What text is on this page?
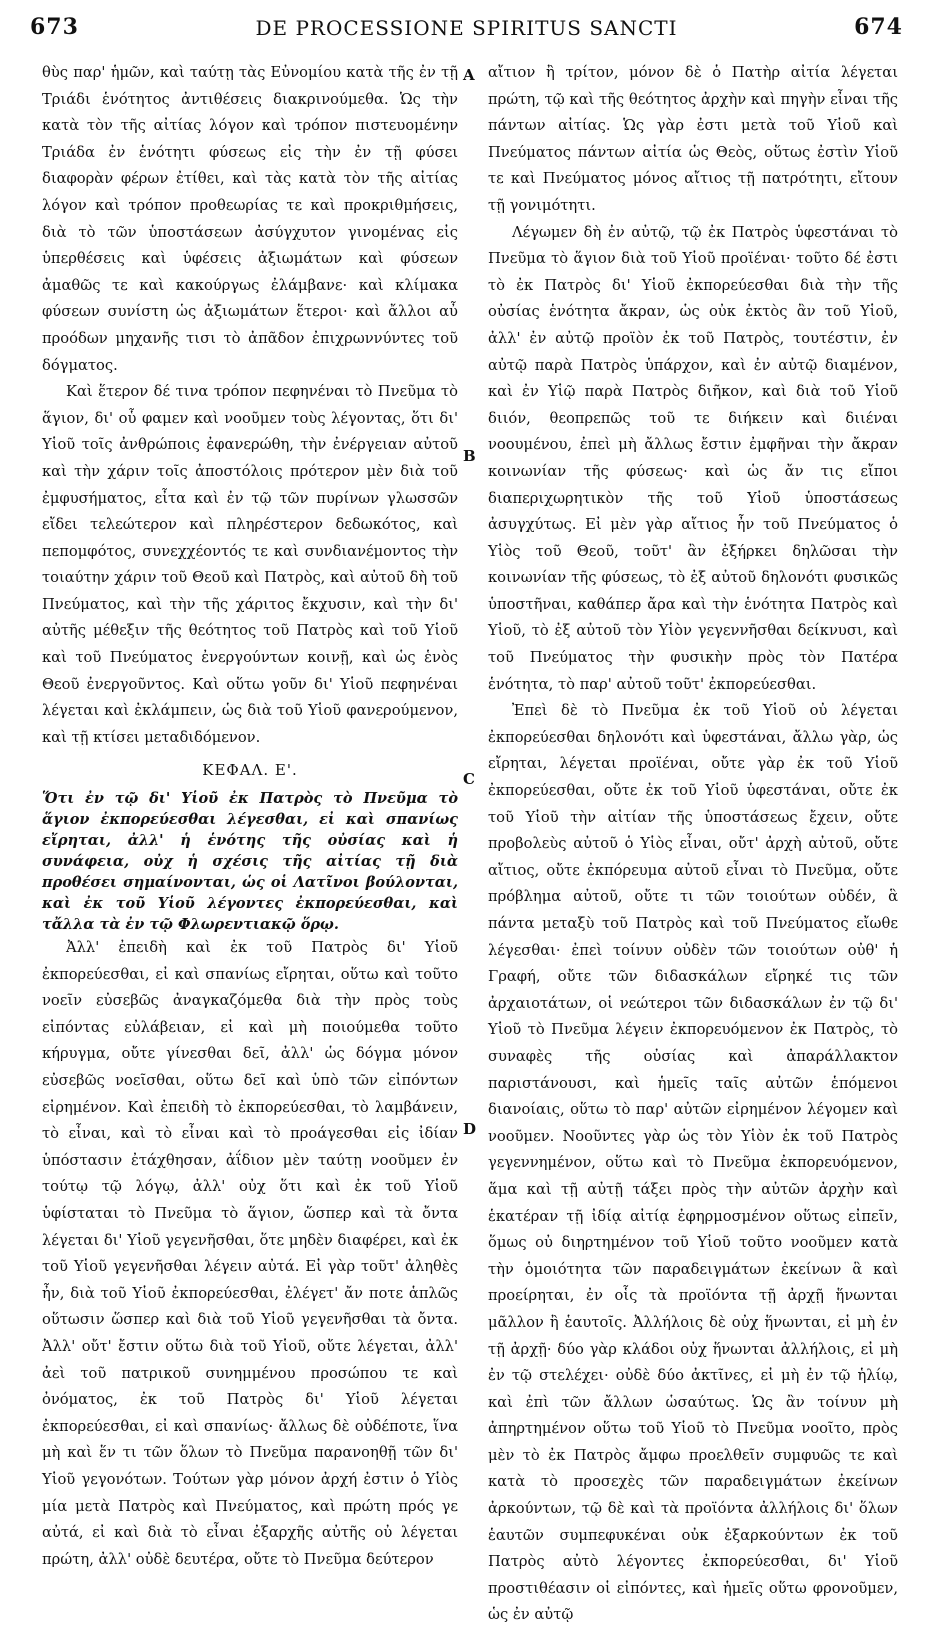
673	DE PROCESSIONE SPIRITUS SANCTI	674
A
B
C
D

θὺς παρ' ἡμῶν, καὶ ταύτῃ τὰς Εὐνομίου κατὰ τῆς ἐν τῇ Τριάδι ἑνότητος ἀντιθέσεις διακρινούμεθα. Ὡς τὴν κατὰ τὸν τῆς αἰτίας λόγον καὶ τρόπον πιστευομένην Τριάδα ἐν ἑνότητι φύσεως εἰς τὴν ἐν τῇ φύσει διαφορὰν φέρων ἐτίθει, καὶ τὰς κατὰ τὸν τῆς αἰτίας λόγον καὶ τρόπον προθεωρίας τε καὶ προκριθμήσεις, διὰ τὸ τῶν ὑποστάσεων ἀσύγχυτον γινομένας εἰς ὑπερθέσεις καὶ ὑφέσεις ἀξιωμάτων καὶ φύσεων ἀμαθῶς τε καὶ κακούργως ἐλάμβανε· καὶ κλίμακα φύσεων συνίστη ὡς ἀξιωμάτων ἕτεροι· καὶ ἄλλοι αὖ προόδων μηχανῆς τισι τὸ ἀπᾶδον ἐπιχρωννύντες τοῦ δόγματος.

Καὶ ἕτερον δέ τινα τρόπον πεφηνέναι τὸ Πνεῦμα τὸ ἅγιον, δι' οὗ φαμεν καὶ νοοῦμεν τοὺς λέγοντας, ὅτι δι' Υἱοῦ τοῖς ἀνθρώποις ἐφανερώθη, τὴν ἐνέργειαν αὐτοῦ καὶ τὴν χάριν τοῖς ἀποστόλοις πρότερον μὲν διὰ τοῦ ἐμφυσήματος, εἶτα καὶ ἐν τῷ τῶν πυρίνων γλωσσῶν εἴδει τελεώτερον καὶ πληρέστερον δεδωκότος, καὶ πεπομφότος, συνεχχέοντός τε καὶ συνδιανέμοντος τὴν τοιαύτην χάριν τοῦ Θεοῦ καὶ Πατρὸς, καὶ αὐτοῦ δὴ τοῦ Πνεύματος, καὶ τὴν τῆς χάριτος ἔκχυσιν, καὶ τὴν δι' αὐτῆς μέθεξιν τῆς θεότητος τοῦ Πατρὸς καὶ τοῦ Υἱοῦ καὶ τοῦ Πνεύματος ἐνεργούντων κοινῇ, καὶ ὡς ἑνὸς Θεοῦ ἐνεργοῦντος. Καὶ οὕτω γοῦν δι' Υἱοῦ πεφηνέναι λέγεται καὶ ἐκλάμπειν, ὡς διὰ τοῦ Υἱοῦ φανερούμενον, καὶ τῇ κτίσει μεταδιδόμενον.

ΚΕΦΑΛ. Ε'.

Ὅτι ἐν τῷ δι' Υἱοῦ ἐκ Πατρὸς τὸ Πνεῦμα τὸ ἅγιον ἐκπορεύεσθαι λέγεσθαι, εἰ καὶ σπανίως εἴρηται, ἀλλ' ἡ ἑνότης τῆς οὐσίας καὶ ἡ συνάφεια, οὐχ ἡ σχέσις τῆς αἰτίας τῇ διὰ προθέσει σημαίνονται, ὡς οἱ Λατῖνοι βούλονται, καὶ ἐκ τοῦ Υἱοῦ λέγοντες ἐκπορεύεσθαι, καὶ τἄλλα τὰ ἐν τῷ Φλωρεντιακῷ ὅρῳ.

Ἀλλ' ἐπειδὴ καὶ ἐκ τοῦ Πατρὸς δι' Υἱοῦ ἐκπορεύεσθαι, εἰ καὶ σπανίως εἴρηται, οὕτω καὶ τοῦτο νοεῖν εὐσεβῶς ἀναγκαζόμεθα διὰ τὴν πρὸς τοὺς εἰπόντας εὐλάβειαν, εἰ καὶ μὴ ποιούμεθα τοῦτο κήρυγμα, οὔτε γίνεσθαι δεῖ, ἀλλ' ὡς δόγμα μόνον εὐσεβῶς νοεῖσθαι, οὕτω δεῖ καὶ ὑπὸ τῶν εἰπόντων εἰρημένον. Καὶ ἐπειδὴ τὸ ἐκπορεύεσθαι, τὸ λαμβάνειν, τὸ εἶναι, καὶ τὸ εἶναι καὶ τὸ προάγεσθαι εἰς ἰδίαν ὑπόστασιν ἐτάχθησαν, ἀΐδιον μὲν ταύτῃ νοοῦμεν ἐν τούτῳ τῷ λόγῳ, ἀλλ' οὐχ ὅτι καὶ ἐκ τοῦ Υἱοῦ ὑφίσταται τὸ Πνεῦμα τὸ ἅγιον, ὥσπερ καὶ τὰ ὄντα λέγεται δι' Υἱοῦ γεγενῆσθαι, ὅτε μηδὲν διαφέρει, καὶ ἐκ τοῦ Υἱοῦ γεγενῆσθαι λέγειν αὐτά. Εἰ γὰρ τοῦτ' ἀληθὲς ἦν, διὰ τοῦ Υἱοῦ ἐκπορεύεσθαι, ἐλέγετ' ἄν ποτε ἁπλῶς οὕτωσιν ὥσπερ καὶ διὰ τοῦ Υἱοῦ γεγενῆσθαι τὰ ὄντα. Ἀλλ' οὔτ' ἔστιν οὕτω διὰ τοῦ Υἱοῦ, οὔτε λέγεται, ἀλλ' ἀεὶ τοῦ πατρικοῦ συνημμένου προσώπου τε καὶ ὀνόματος, ἐκ τοῦ Πατρὸς δι' Υἱοῦ λέγεται ἐκπορεύεσθαι, εἰ καὶ σπανίως· ἄλλως δὲ οὐδέποτε, ἵνα μὴ καὶ ἕν τι τῶν ὅλων τὸ Πνεῦμα παρανοηθῇ τῶν δι' Υἱοῦ γεγονότων. Τούτων γὰρ μόνον ἀρχή ἐστιν ὁ Υἱὸς μία μετὰ Πατρὸς καὶ Πνεύματος, καὶ πρώτη πρός γε αὐτά, εἰ καὶ διὰ τὸ εἶναι ἐξαρχῆς αὐτῆς οὐ λέγεται πρώτη, ἀλλ' οὐδὲ δευτέρα, οὔτε τὸ Πνεῦμα δεύτερον

αἴτιον ἢ τρίτον, μόνον δὲ ὁ Πατὴρ αἰτία λέγεται πρώτη, τῷ καὶ τῆς θεότητος ἀρχὴν καὶ πηγὴν εἶναι τῆς πάντων αἰτίας. Ὡς γὰρ ἐστι μετὰ τοῦ Υἱοῦ καὶ Πνεύματος πάντων αἰτία ὡς Θεὸς, οὕτως ἐστὶν Υἱοῦ τε καὶ Πνεύματος μόνος αἴτιος τῇ πατρότητι, εἴτουν τῇ γονιμότητι.

Λέγωμεν δὴ ἐν αὐτῷ, τῷ ἐκ Πατρὸς ὑφεστάναι τὸ Πνεῦμα τὸ ἅγιον διὰ τοῦ Υἱοῦ προϊέναι· τοῦτο δέ ἐστι τὸ ἐκ Πατρὸς δι' Υἱοῦ ἐκπορεύεσθαι διὰ τὴν τῆς οὐσίας ἑνότητα ἄκραν, ὡς οὐκ ἐκτὸς ἂν τοῦ Υἱοῦ, ἀλλ' ἐν αὐτῷ προϊὸν ἐκ τοῦ Πατρὸς, τουτέστιν, ἐν αὐτῷ παρὰ Πατρὸς ὑπάρχον, καὶ ἐν αὐτῷ διαμένον, καὶ ἐν Υἱῷ παρὰ Πατρὸς διῆκον, καὶ διὰ τοῦ Υἱοῦ διιόν, θεοπρεπῶς τοῦ τε διήκειν καὶ διιέναι νοουμένου, ἐπεὶ μὴ ἄλλως ἔστιν ἐμφῆναι τὴν ἄκραν κοινωνίαν τῆς φύσεως· καὶ ὡς ἄν τις εἴποι διαπεριχωρητικὸν τῆς τοῦ Υἱοῦ ὑποστάσεως ἀσυγχύτως. Εἰ μὲν γὰρ αἴτιος ἦν τοῦ Πνεύματος ὁ Υἱὸς τοῦ Θεοῦ, τοῦτ' ἂν ἐξήρκει δηλῶσαι τὴν κοινωνίαν τῆς φύσεως, τὸ ἐξ αὐτοῦ δηλονότι φυσικῶς ὑποστῆναι, καθάπερ ἄρα καὶ τὴν ἑνότητα Πατρὸς καὶ Υἱοῦ, τὸ ἐξ αὐτοῦ τὸν Υἱὸν γεγεννῆσθαι δείκνυσι, καὶ τοῦ Πνεύματος τὴν φυσικὴν πρὸς τὸν Πατέρα ἑνότητα, τὸ παρ' αὐτοῦ τοῦτ' ἐκπορεύεσθαι.

Ἐπεὶ δὲ τὸ Πνεῦμα ἐκ τοῦ Υἱοῦ οὐ λέγεται ἐκπορεύεσθαι δηλονότι καὶ ὑφεστάναι, ἄλλω γὰρ, ὡς εἴρηται, λέγεται προϊέναι, οὔτε γὰρ ἐκ τοῦ Υἱοῦ ἐκπορεύεσθαι, οὔτε ἐκ τοῦ Υἱοῦ ὑφεστάναι, οὔτε ἐκ τοῦ Υἱοῦ τὴν αἰτίαν τῆς ὑποστάσεως ἔχειν, οὔτε προβολεὺς αὐτοῦ ὁ Υἱὸς εἶναι, οὔτ' ἀρχὴ αὐτοῦ, οὔτε αἴτιος, οὔτε ἐκπόρευμα αὐτοῦ εἶναι τὸ Πνεῦμα, οὔτε πρόβλημα αὐτοῦ, οὔτε τι τῶν τοιούτων οὐδέν, ἃ πάντα μεταξὺ τοῦ Πατρὸς καὶ τοῦ Πνεύματος εἴωθε λέγεσθαι· ἐπεὶ τοίνυν οὐδὲν τῶν τοιούτων οὐθ' ἡ Γραφή, οὔτε τῶν διδασκάλων εἴρηκέ τις τῶν ἀρχαιοτάτων, οἱ νεώτεροι τῶν διδασκάλων ἐν τῷ δι' Υἱοῦ τὸ Πνεῦμα λέγειν ἐκπορευόμενον ἐκ Πατρὸς, τὸ συναφὲς τῆς οὐσίας καὶ ἀπαράλλακτον παριστάνουσι, καὶ ἡμεῖς ταῖς αὐτῶν ἑπόμενοι διανοίαις, οὕτω τὸ παρ' αὐτῶν εἰρημένον λέγομεν καὶ νοοῦμεν. Νοοῦντες γὰρ ὡς τὸν Υἱὸν ἐκ τοῦ Πατρὸς γεγεννημένον, οὕτω καὶ τὸ Πνεῦμα ἐκπορευόμενον, ἅμα καὶ τῇ αὐτῇ τάξει πρὸς τὴν αὐτῶν ἀρχὴν καὶ ἑκατέραν τῇ ἰδίᾳ αἰτίᾳ ἐφηρμοσμένον οὕτως εἰπεῖν, ὅμως οὐ διηρτημένον τοῦ Υἱοῦ τοῦτο νοοῦμεν κατὰ τὴν ὁμοιότητα τῶν παραδειγμάτων ἐκείνων ἃ καὶ προείρηται, ἐν οἷς τὰ προϊόντα τῇ ἀρχῇ ἥνωνται μᾶλλον ἢ ἑαυτοῖς. Ἀλλήλοις δὲ οὐχ ἥνωνται, εἰ μὴ ἐν τῇ ἀρχῇ· δύο γὰρ κλάδοι οὐχ ἥνωνται ἀλλήλοις, εἰ μὴ ἐν τῷ στελέχει· οὐδὲ δύο ἀκτῖνες, εἰ μὴ ἐν τῷ ἡλίῳ, καὶ ἐπὶ τῶν ἄλλων ὡσαύτως. Ὡς ἂν τοίνυν μὴ ἀπηρτημένον οὕτω τοῦ Υἱοῦ τὸ Πνεῦμα νοοῖτο, πρὸς μὲν τὸ ἐκ Πατρὸς ἄμφω προελθεῖν συμφυῶς τε καὶ κατὰ τὸ προσεχὲς τῶν παραδειγμάτων ἐκείνων ἀρκούντων, τῷ δὲ καὶ τὰ προϊόντα ἀλλήλοις δι' ὅλων ἑαυτῶν συμπεφυκέναι οὐκ ἐξαρκούντων ἐκ τοῦ Πατρὸς αὐτὸ λέγοντες ἐκπορεύεσθαι, δι' Υἱοῦ προστιθέασιν οἱ εἰπόντες, καὶ ἡμεῖς οὕτω φρονοῦμεν, ὡς ἐν αὐτῷ
